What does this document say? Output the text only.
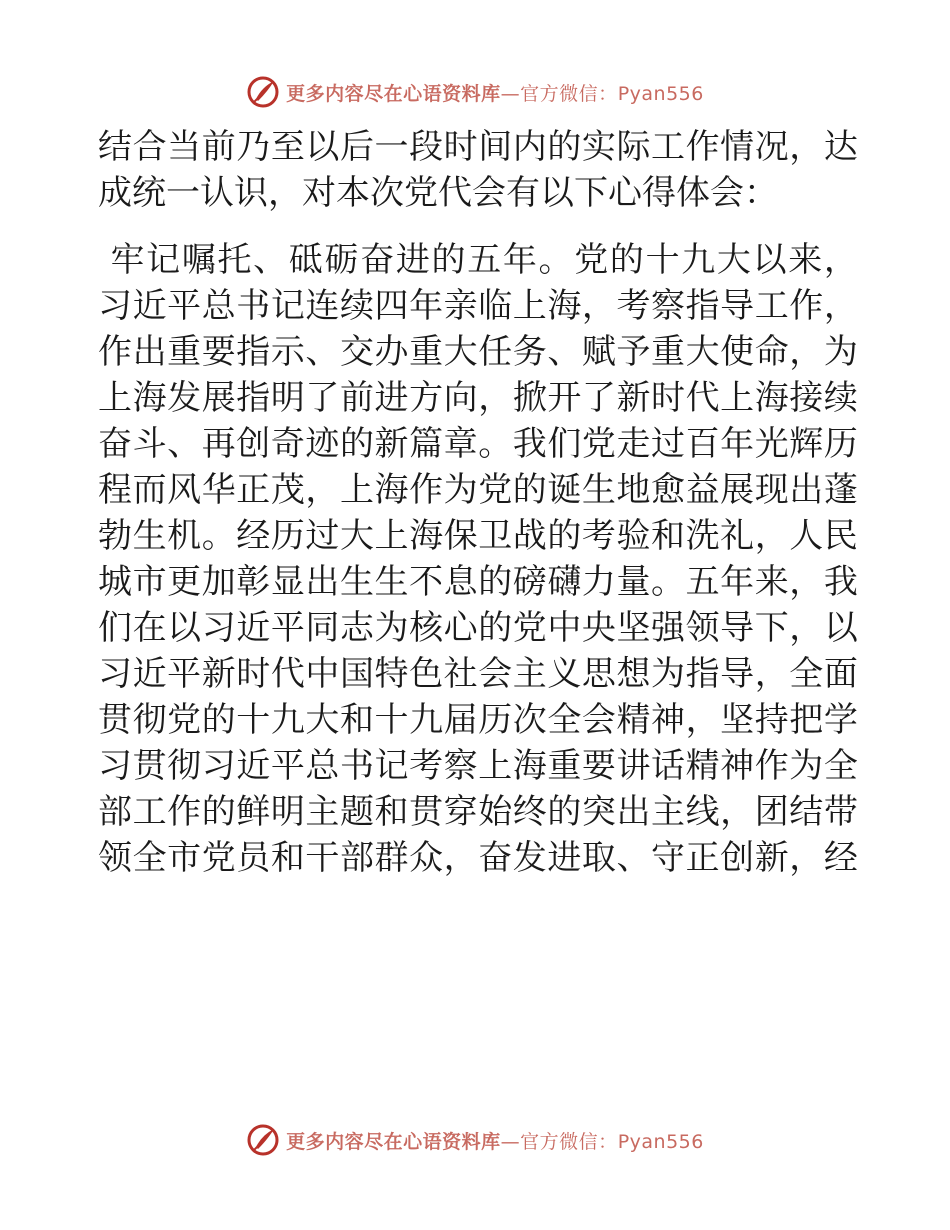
更多内容尽在心语资料库—官方微信：Pyan556
结 合 当 前 乃 至 以 后 一 段 时 间 内 的 实 际 工 作 情 况 ， 达
成统一认识，对本次党代会有以下心得体会：

牢 记 嘱 托 、 砥 砺 奋 进 的 五 年 。 党 的 十 九 大 以 来 ，
习 近 平 总 书 记 连 续 四 年 亲 临 上 海 ， 考 察 指 导 工 作 ，
作 出 重 要 指 示 、 交 办 重 大 任 务 、 赋 予 重 大 使 命 ， 为
上 海 发 展 指 明 了 前 进 方 向 ， 掀 开 了 新 时 代 上 海 接 续
奋 斗 、 再 创 奇 迹 的 新 篇 章 。 我 们 党 走 过 百 年 光 辉 历
程 而 风 华 正 茂 ， 上 海 作 为 党 的 诞 生 地 愈 益 展 现 出 蓬
勃 生 机 。 经 历 过 大 上 海 保 卫 战 的 考 验 和 洗 礼 ， 人 民
城 市 更 加 彰 显 出 生 生 不 息 的 磅 礴 力 量 。 五 年 来 ， 我
们 在 以 习 近 平 同 志 为 核 心 的 党 中 央 坚 强 领 导 下 ， 以
习 近 平 新 时 代 中 国 特 色 社 会 主 义 思 想 为 指 导 ， 全 面
贯 彻 党 的 十 九 大 和 十 九 届 历 次 全 会 精 神 ， 坚 持 把 学
习 贯 彻 习 近 平 总 书 记 考 察 上 海 重 要 讲 话 精 神 作 为 全
部 工 作 的 鲜 明 主 题 和 贯 穿 始 终 的 突 出 主 线 ， 团 结 带
领 全 市 党 员 和 干 部 群 众 ， 奋 发 进 取 、 守 正 创 新 ， 经
更多内容尽在心语资料库—官方微信：Pyan556
